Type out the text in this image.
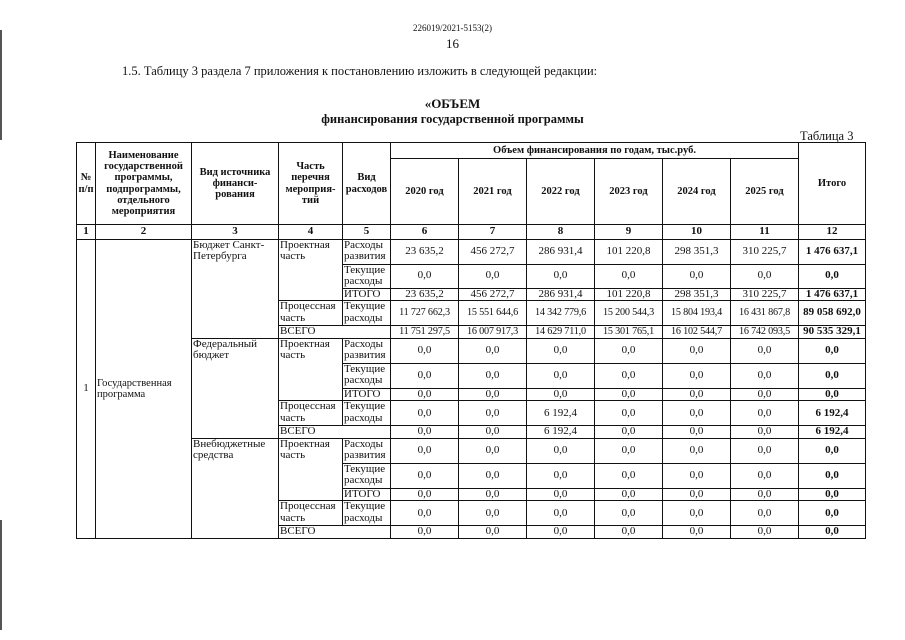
226019/2021-5153(2)
16
1.5. Таблицу 3 раздела 7 приложения к постановлению изложить в следующей редакции:
«ОБЪЕМ
финансирования государственной программы
Таблица 3
№ п/п	Наименование государственной программы, подпрограммы, отдельного мероприятия	Вид источника финанси-рования	Часть перечня мероприя-тий	Вид расходов	Объем финансирования по годам, тыс.руб.						Итого
					2020 год	2021 год	2022 год	2023 год	2024 год	2025 год	
1	2	3	4	5	6	7	8	9	10	11	12
1	Государственная программа	Бюджет Санкт-Петербурга	Проектная часть	Расходы развития	23 635,2	456 272,7	286 931,4	101 220,8	298 351,3	310 225,7	1 476 637,1
				Текущие расходы	0,0	0,0	0,0	0,0	0,0	0,0	0,0
				ИТОГО	23 635,2	456 272,7	286 931,4	101 220,8	298 351,3	310 225,7	1 476 637,1
			Процессная часть	Текущие расходы	11 727 662,3	15 551 644,6	14 342 779,6	15 200 544,3	15 804 193,4	16 431 867,8	89 058 692,0
			ВСЕГО		11 751 297,5	16 007 917,3	14 629 711,0	15 301 765,1	16 102 544,7	16 742 093,5	90 535 329,1
		Федеральный бюджет	Проектная часть	Расходы развития	0,0	0,0	0,0	0,0	0,0	0,0	0,0
				Текущие расходы	0,0	0,0	0,0	0,0	0,0	0,0	0,0
				ИТОГО	0,0	0,0	0,0	0,0	0,0	0,0	0,0
			Процессная часть	Текущие расходы	0,0	0,0	6 192,4	0,0	0,0	0,0	6 192,4
			ВСЕГО		0,0	0,0	6 192,4	0,0	0,0	0,0	6 192,4
		Внебюджетные средства	Проектная часть	Расходы развития	0,0	0,0	0,0	0,0	0,0	0,0	0,0
				Текущие расходы	0,0	0,0	0,0	0,0	0,0	0,0	0,0
				ИТОГО	0,0	0,0	0,0	0,0	0,0	0,0	0,0
			Процессная часть	Текущие расходы	0,0	0,0	0,0	0,0	0,0	0,0	0,0
			ВСЕГО		0,0	0,0	0,0	0,0	0,0	0,0	0,0
